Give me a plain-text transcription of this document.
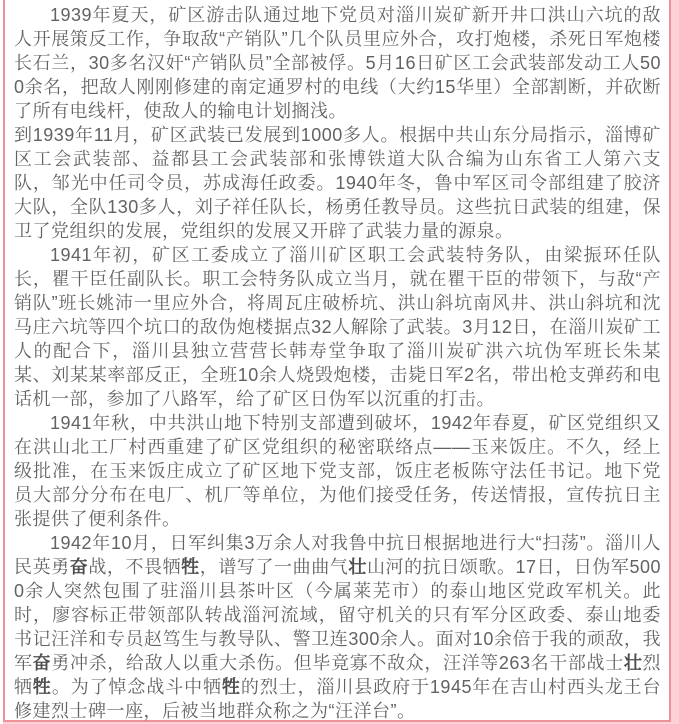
1939年夏天，矿区游击队通过地下党员对淄川炭矿新开井口洪山六坑的敌人开展策反工作，争取敌“产销队”几个队员里应外合，攻打炮楼，杀死日军炮楼长石兰，30多名汉奸“产销队员”全部被俘。5月16日矿区工会武装部发动工人500余名，把敌人刚刚修建的南定通罗村的电线（大约15华里）全部割断，并砍断了所有电线杆，使敌人的输电计划搁浅。

到1939年11月，矿区武装已发展到1000多人。根据中共山东分局指示，淄博矿区工会武装部、益都县工会武装部和张博铁道大队合编为山东省工人第六支队，邹光中任司令员，苏成海任政委。1940年冬，鲁中军区司令部组建了胶济大队，全队130多人，刘子祥任队长，杨勇任教导员。这些抗日武装的组建，保卫了党组织的发展，党组织的发展又开辟了武装力量的源泉。

1941年初，矿区工委成立了淄川矿区职工会武装特务队，由梁振环任队长，瞿干臣任副队长。职工会特务队成立当月，就在瞿干臣的带领下，与敌“产销队”班长姚沛一里应外合，将周瓦庄破桥坑、洪山斜坑南风井、洪山斜坑和沈马庄六坑等四个坑口的敌伪炮楼据点32人解除了武装。3月12日，在淄川炭矿工人的配合下，淄川县独立营营长韩寿堂争取了淄川炭矿洪六坑伪军班长朱某某、刘某某率部反正，全班10余人烧毁炮楼，击毙日军2名，带出枪支弹药和电话机一部，参加了八路军，给了矿区日伪军以沉重的打击。

1941年秋，中共洪山地下特别支部遭到破坏，1942年春夏，矿区党组织又在洪山北工厂村西重建了矿区党组织的秘密联络点——玉来饭庄。不久，经上级批准，在玉来饭庄成立了矿区地下党支部，饭庄老板陈守法任书记。地下党员大部分分布在电厂、机厂等单位，为他们接受任务，传送情报，宣传抗日主张提供了便利条件。

1942年10月，日军纠集3万余人对我鲁中抗日根据地进行大“扫荡”。淄川人民英勇奋战，不畏牺牲，谱写了一曲曲气壮山河的抗日颂歌。17日，日伪军5000余人突然包围了驻淄川县茶叶区（今属莱芜市）的泰山地区党政军机关。此时，廖容标正带领部队转战淄河流域，留守机关的只有军分区政委、泰山地委书记汪洋和专员赵笃生与教导队、警卫连300余人。面对10余倍于我的顽敌，我军奋勇冲杀，给敌人以重大杀伤。但毕竟寡不敌众，汪洋等263名干部战士壮烈牺牲。为了悼念战斗中牺牲的烈士，淄川县政府于1945年在吉山村西头龙王台修建烈士碑一座，后被当地群众称之为“汪洋台”。
